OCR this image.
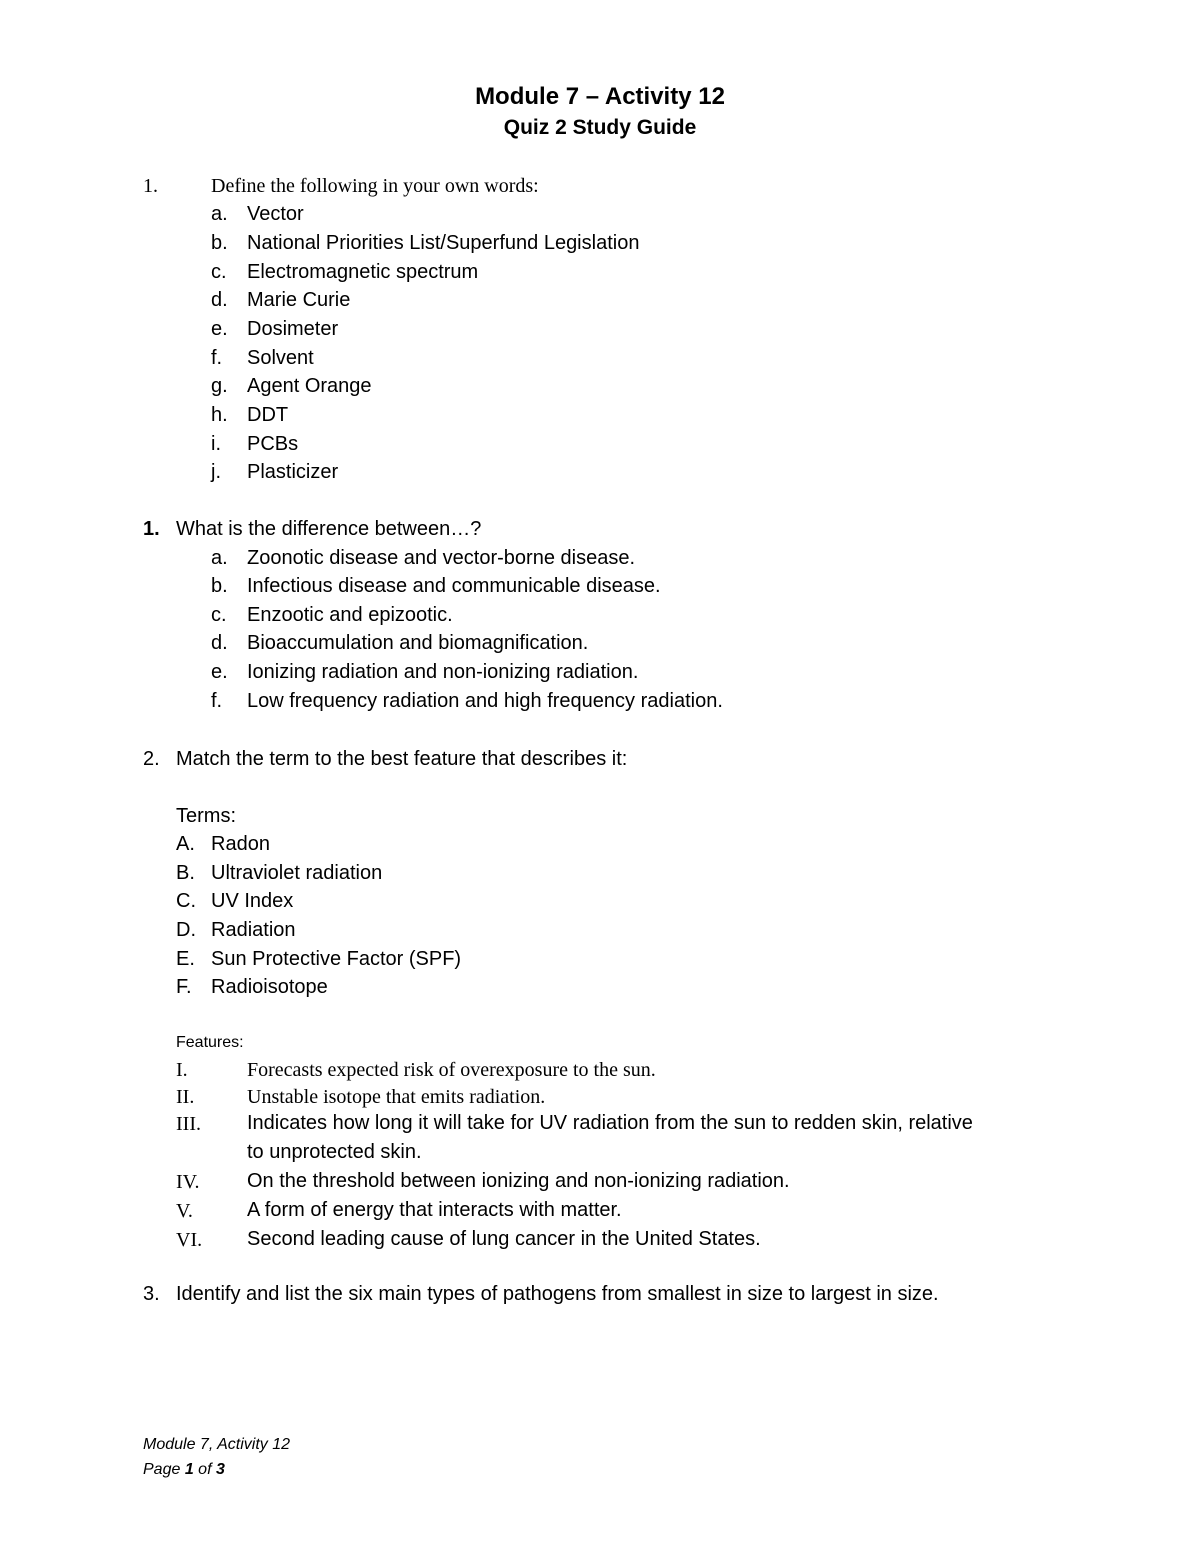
Module 7 – Activity 12
Quiz 2 Study Guide
1.	Define the following in your own words:
a. Vector
b. National Priorities List/Superfund Legislation
c. Electromagnetic spectrum
d. Marie Curie
e. Dosimeter
f. Solvent
g. Agent Orange
h. DDT
i. PCBs
j. Plasticizer
1. What is the difference between…?
a. Zoonotic disease and vector-borne disease.
b. Infectious disease and communicable disease.
c. Enzootic and epizootic.
d. Bioaccumulation and biomagnification.
e. Ionizing radiation and non-ionizing radiation.
f. Low frequency radiation and high frequency radiation.
2. Match the term to the best feature that describes it:
Terms:
A. Radon
B. Ultraviolet radiation
C. UV Index
D. Radiation
E. Sun Protective Factor (SPF)
F. Radioisotope
Features:
I.	Forecasts expected risk of overexposure to the sun.
II.	Unstable isotope that emits radiation.
III. Indicates how long it will take for UV radiation from the sun to redden skin, relative
to unprotected skin.
IV. On the threshold between ionizing and non-ionizing radiation.
V.	A form of energy that interacts with matter.
VI. Second leading cause of lung cancer in the United States.
3. Identify and list the six main types of pathogens from smallest in size to largest in size.
Module 7, Activity 12
Page 1 of 3
